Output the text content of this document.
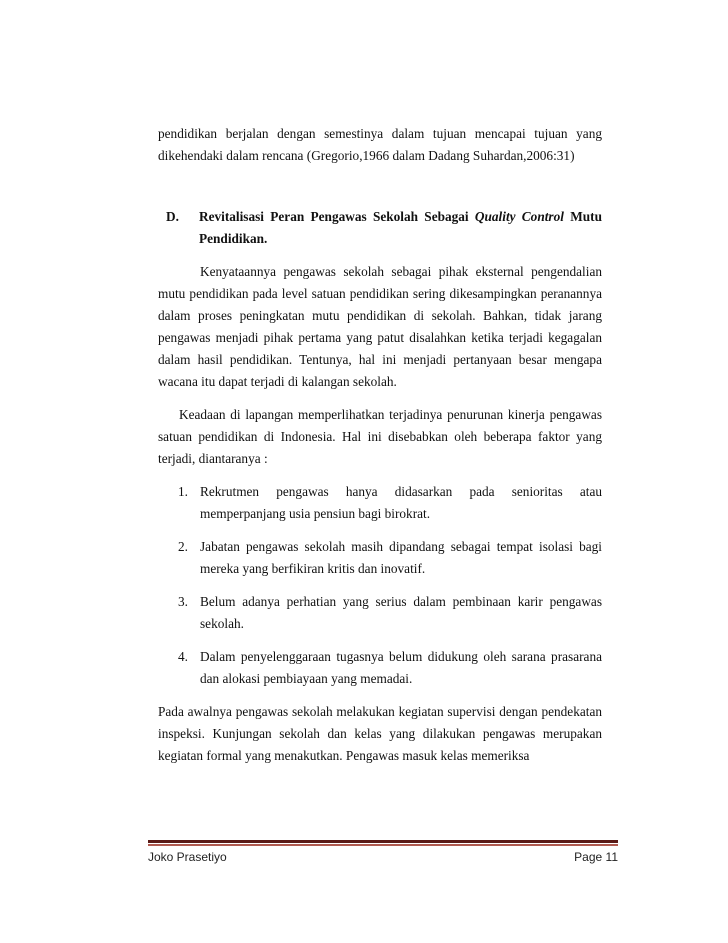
pendidikan berjalan dengan semestinya dalam tujuan mencapai tujuan yang dikehendaki dalam rencana (Gregorio,1966 dalam Dadang Suhardan,2006:31)

D.	Revitalisasi Peran Pengawas Sekolah Sebagai Quality Control Mutu Pendidikan.

Kenyataannya pengawas sekolah sebagai pihak eksternal pengendalian mutu pendidikan pada level satuan pendidikan sering dikesampingkan peranannya dalam proses peningkatan mutu pendidikan di sekolah. Bahkan, tidak jarang pengawas menjadi pihak pertama yang patut disalahkan ketika terjadi kegagalan dalam hasil pendidikan. Tentunya, hal ini menjadi pertanyaan besar mengapa wacana itu dapat terjadi di kalangan sekolah.

Keadaan di lapangan memperlihatkan terjadinya penurunan kinerja pengawas satuan pendidikan di Indonesia. Hal ini disebabkan oleh beberapa faktor yang terjadi, diantaranya :

1. Rekrutmen pengawas hanya didasarkan pada senioritas atau memperpanjang usia pensiun bagi birokrat.
2. Jabatan pengawas sekolah masih dipandang sebagai tempat isolasi bagi mereka yang berfikiran kritis dan inovatif.
3. Belum adanya perhatian yang serius dalam pembinaan karir pengawas sekolah.
4. Dalam penyelenggaraan tugasnya belum didukung oleh sarana prasarana dan alokasi pembiayaan yang memadai.

Pada awalnya pengawas sekolah melakukan kegiatan supervisi dengan pendekatan inspeksi. Kunjungan sekolah dan kelas yang dilakukan pengawas merupakan kegiatan formal yang menakutkan. Pengawas masuk kelas memeriksa

Joko Prasetiyo	Page 11
